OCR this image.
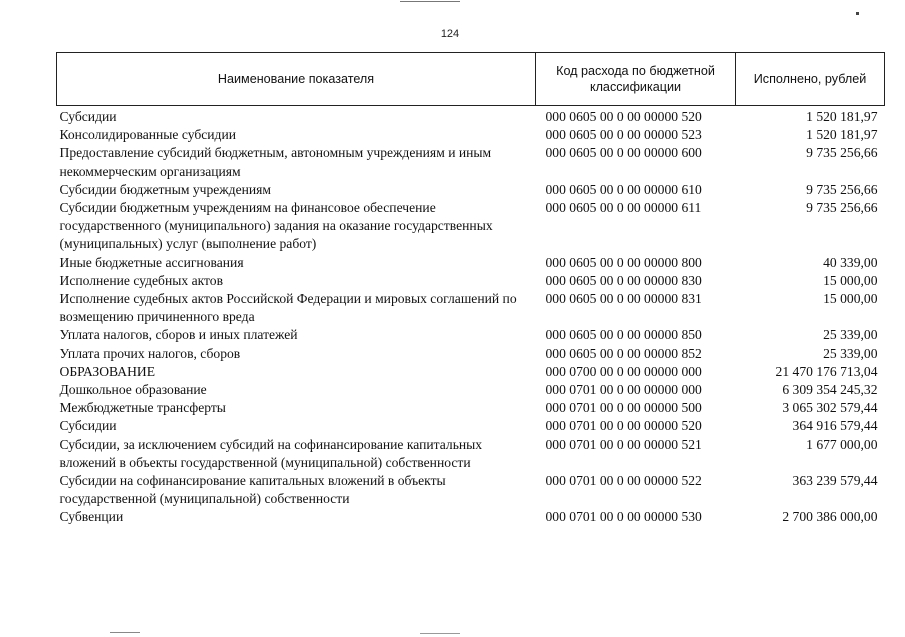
124
Наименование показателя	Код расхода по бюджетной классификации	Исполнено, рублей
Субсидии	000 0605 00 0 00 00000 520	1 520 181,97
Консолидированные субсидии	000 0605 00 0 00 00000 523	1 520 181,97
Предоставление субсидий бюджетным, автономным учреждениям и иным некоммерческим организациям	000 0605 00 0 00 00000 600	9 735 256,66
Субсидии бюджетным учреждениям	000 0605 00 0 00 00000 610	9 735 256,66
Субсидии бюджетным учреждениям на финансовое обеспечение государственного (муниципального) задания на оказание государственных (муниципальных) услуг (выполнение работ)	000 0605 00 0 00 00000 611	9 735 256,66
Иные бюджетные ассигнования	000 0605 00 0 00 00000 800	40 339,00
Исполнение судебных актов	000 0605 00 0 00 00000 830	15 000,00
Исполнение судебных актов Российской Федерации и мировых соглашений по возмещению причиненного вреда	000 0605 00 0 00 00000 831	15 000,00
Уплата налогов, сборов и иных платежей	000 0605 00 0 00 00000 850	25 339,00
Уплата прочих налогов, сборов	000 0605 00 0 00 00000 852	25 339,00
ОБРАЗОВАНИЕ	000 0700 00 0 00 00000 000	21 470 176 713,04
Дошкольное образование	000 0701 00 0 00 00000 000	6 309 354 245,32
Межбюджетные трансферты	000 0701 00 0 00 00000 500	3 065 302 579,44
Субсидии	000 0701 00 0 00 00000 520	364 916 579,44
Субсидии, за исключением субсидий на софинансирование капитальных вложений в объекты государственной (муниципальной) собственности	000 0701 00 0 00 00000 521	1 677 000,00
Субсидии на софинансирование капитальных вложений в объекты государственной (муниципальной) собственности	000 0701 00 0 00 00000 522	363 239 579,44
Субвенции	000 0701 00 0 00 00000 530	2 700 386 000,00
